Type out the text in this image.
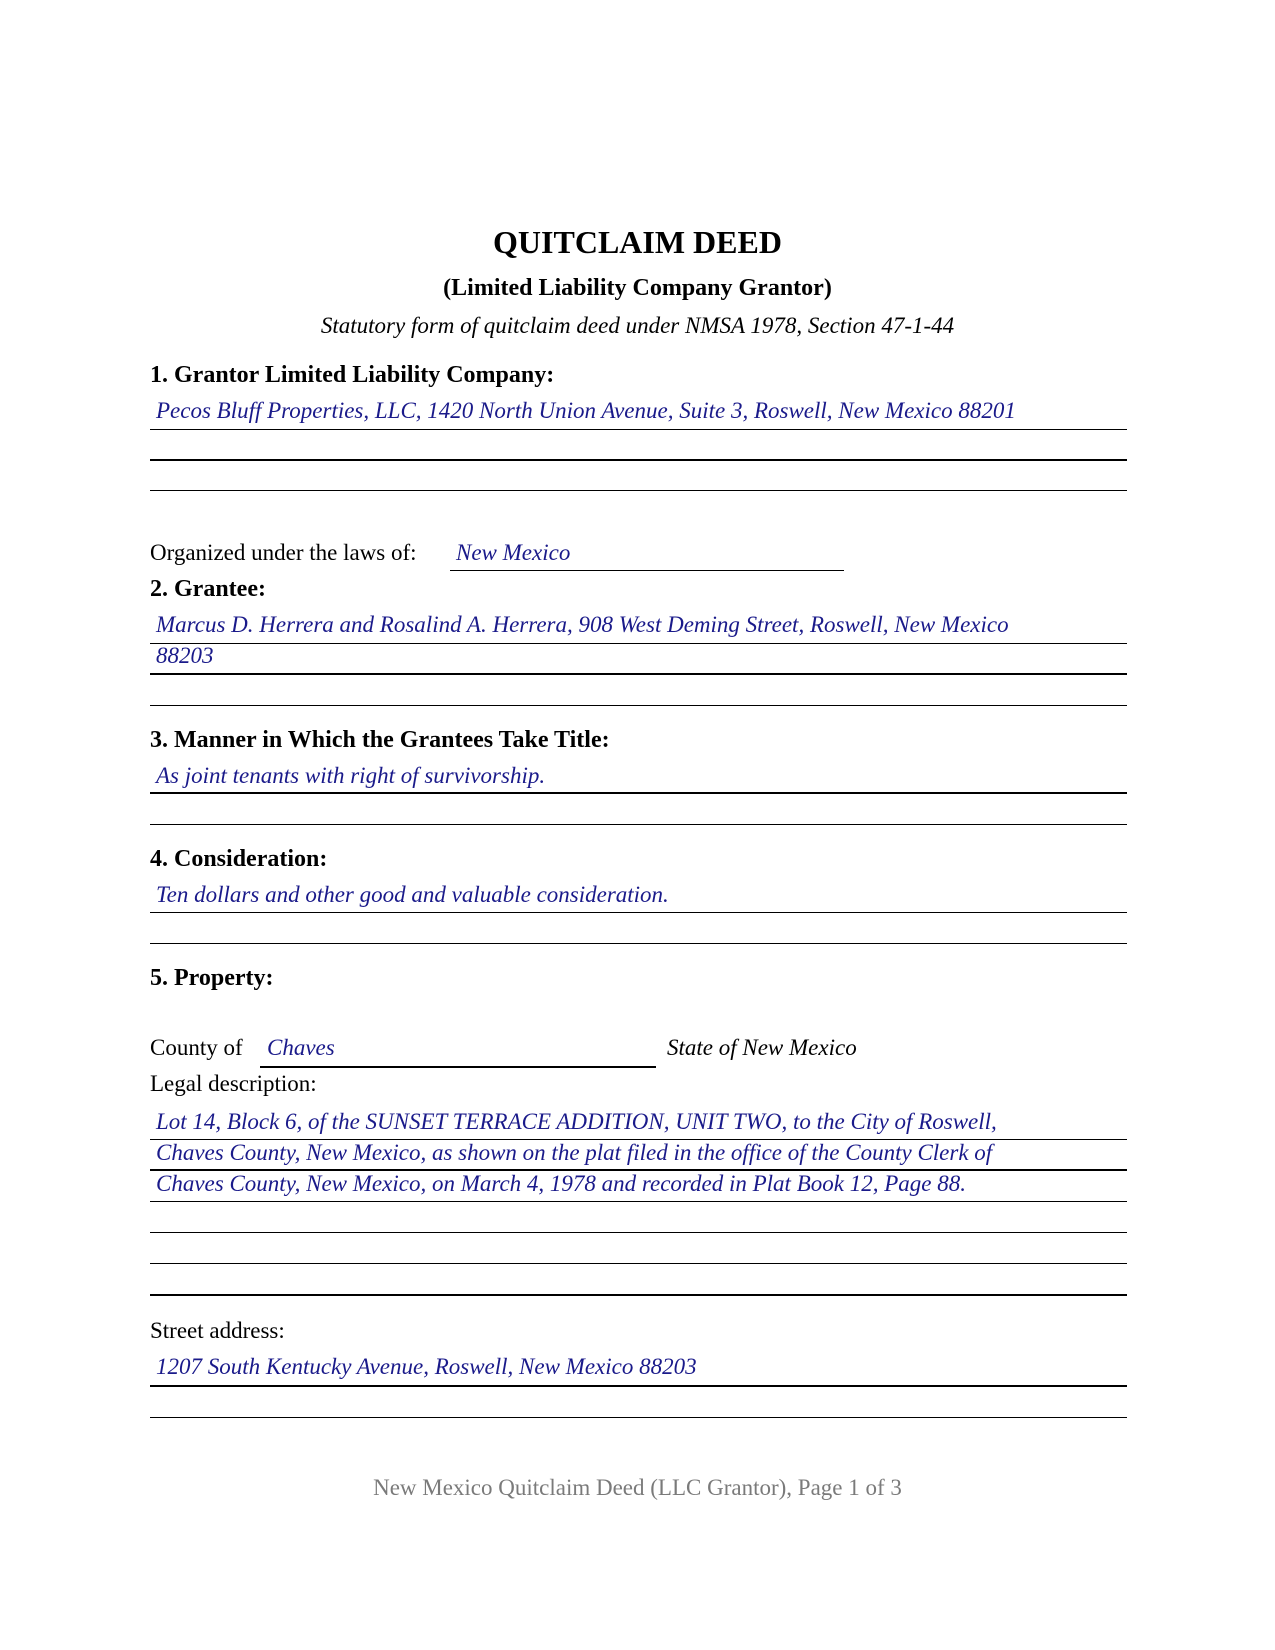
QUITCLAIM DEED
(Limited Liability Company Grantor)
Statutory form of quitclaim deed under NMSA 1978, Section 47-1-44
1. Grantor Limited Liability Company:
Pecos Bluff Properties, LLC, 1420 North Union Avenue, Suite 3, Roswell, New Mexico 88201
Organized under the laws of: New Mexico
2. Grantee:
Marcus D. Herrera and Rosalind A. Herrera, 908 West Deming Street, Roswell, New Mexico
88203
3. Manner in Which the Grantees Take Title:
As joint tenants with right of survivorship.
4. Consideration:
Ten dollars and other good and valuable consideration.
5. Property:
County of Chaves	State of New Mexico
Legal description:
Lot 14, Block 6, of the SUNSET TERRACE ADDITION, UNIT TWO, to the City of Roswell,
Chaves County, New Mexico, as shown on the plat filed in the office of the County Clerk of
Chaves County, New Mexico, on March 4, 1978 and recorded in Plat Book 12, Page 88.
Street address:
1207 South Kentucky Avenue, Roswell, New Mexico 88203
New Mexico Quitclaim Deed (LLC Grantor), Page 1 of 3
